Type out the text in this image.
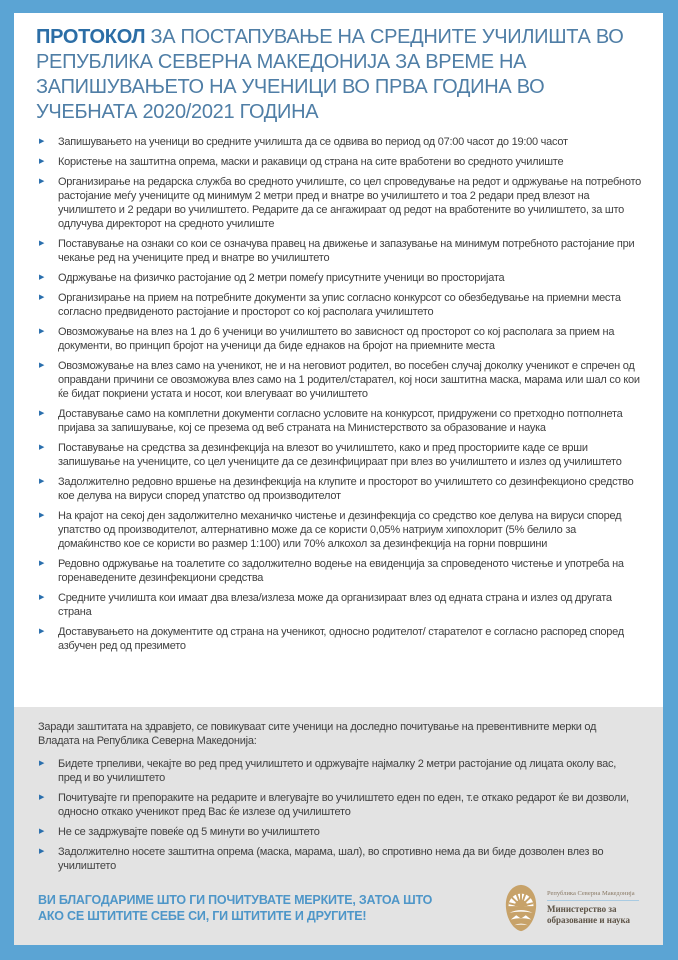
ПРОТОКОЛ ЗА ПОСТАПУВАЊЕ НА СРЕДНИТЕ УЧИЛИШТА ВО РЕПУБЛИКА СЕВЕРНА МАКЕДОНИЈА ЗА ВРЕМЕ НА ЗАПИШУВАЊЕТО НА УЧЕНИЦИ ВО ПРВА ГОДИНА ВО УЧЕБНАТА 2020/2021 ГОДИНА
▶ Запишувањето на ученици во средните училишта да се одвива во период од 07:00 часот до 19:00 часот
▶ Користење на заштитна опрема, маски и ракавици од страна на сите вработени во средното училиште
▶ Организирање на редарска служба во средното училиште, со цел спроведување на редот и одржување на потребното растојание меѓу учениците од минимум 2 метри пред и внатре во училиштето и тоа 2 редари пред влезот на училиштето и 2 редари во училиштето. Редарите да се ангажираат од редот на вработените во училиштето, за што одлучува директорот на средното училиште
▶ Поставување на ознаки со кои се означува правец на движење и запазување на минимум потребното растојание при чекање ред на учениците пред и внатре во училиштето
▶ Одржување на физичко растојание од 2 метри помеѓу присутните ученици во просторијата
▶ Организирање на прием на потребните документи за упис согласно конкурсот со обезбедување на приемни места согласно предвиденото растојание и просторот со кој располага училиштето
▶ Овозможување на влез на 1 до 6 ученици во училиштето во зависност од просторот со кој располага за прием на документи, во принцип бројот на ученици да биде еднаков на бројот на приемните места
▶ Овозможување на влез само на ученикот, не и на неговиот родител, во посебен случај доколку ученикот е спречен од оправдани причини се овозможува влез само на 1 родител/старател, кој носи заштитна маска, марама или шал со кои ќе бидат покриени устата и носот, кои влегуваат во училиштето
▶ Доставување само на комплетни документи согласно условите на конкурсот, придружени со претходно потполнета пријава за запишување, кој се презема од веб страната на Министерството за образование и наука
▶ Поставување на средства за дезинфекција на влезот во училиштето, како и пред просториите каде се врши запишување на учениците, со цел учениците да се дезинфицираат при влез во училиштето и излез од училиштето
▶ Задолжително редовно вршење на дезинфекција на клупите и просторот во училиштето со дезинфекционо средство кое делува на вируси според упатство од производителот
▶ На крајот на секој ден задолжително механичко чистење и дезинфекција со средство кое делува на вируси според упатство од производителот, алтернативно може да се користи 0,05% натриум хипохлорит (5% белило за домаќинство кое се користи во размер 1:100) или 70% алкохол за дезинфекција на горни површини
▶ Редовно одржување на тоалетите со задолжително водење на евиденција за спроведеното чистење и употреба на горенаведените дезинфекциони средства
▶ Средните училишта кои имаат два влеза/излеза може да организираат влез од едната страна и излез од другата страна
▶ Доставувањето на документите од страна на ученикот, односно родителот/ старателот е согласно распоред според азбучен ред од презимето

Заради заштитата на здравјето, се повикуваат сите ученици на доследно почитување на превентивните мерки од Владата на Република Северна Македонија:

▶ Бидете трпеливи, чекајте во ред пред училиштето и одржувајте најмалку 2 метри растојание од лицата околу вас, пред и во училиштето
▶ Почитувајте ги препораките на редарите и влегувајте во училиштето еден по еден, т.е откако редарот ќе ви дозволи, односно откако ученикот пред Вас ќе излезе од училиштето
▶ Не се задржувајте повеќе од 5 минути во училиштето
▶ Задолжително носете заштитна опрема (маска, марама, шал), во спротивно нема да ви биде дозволен влез во училиштето
ВИ БЛАГОДАРИМЕ ШТО ГИ ПОЧИТУВАТЕ МЕРКИТЕ, ЗАТОА ШТО АКО СЕ ШТИТИТЕ СЕБЕ СИ, ГИ ШТИТИТЕ И ДРУГИТЕ!
Република Северна Македонија
Министерство за образование и наука
